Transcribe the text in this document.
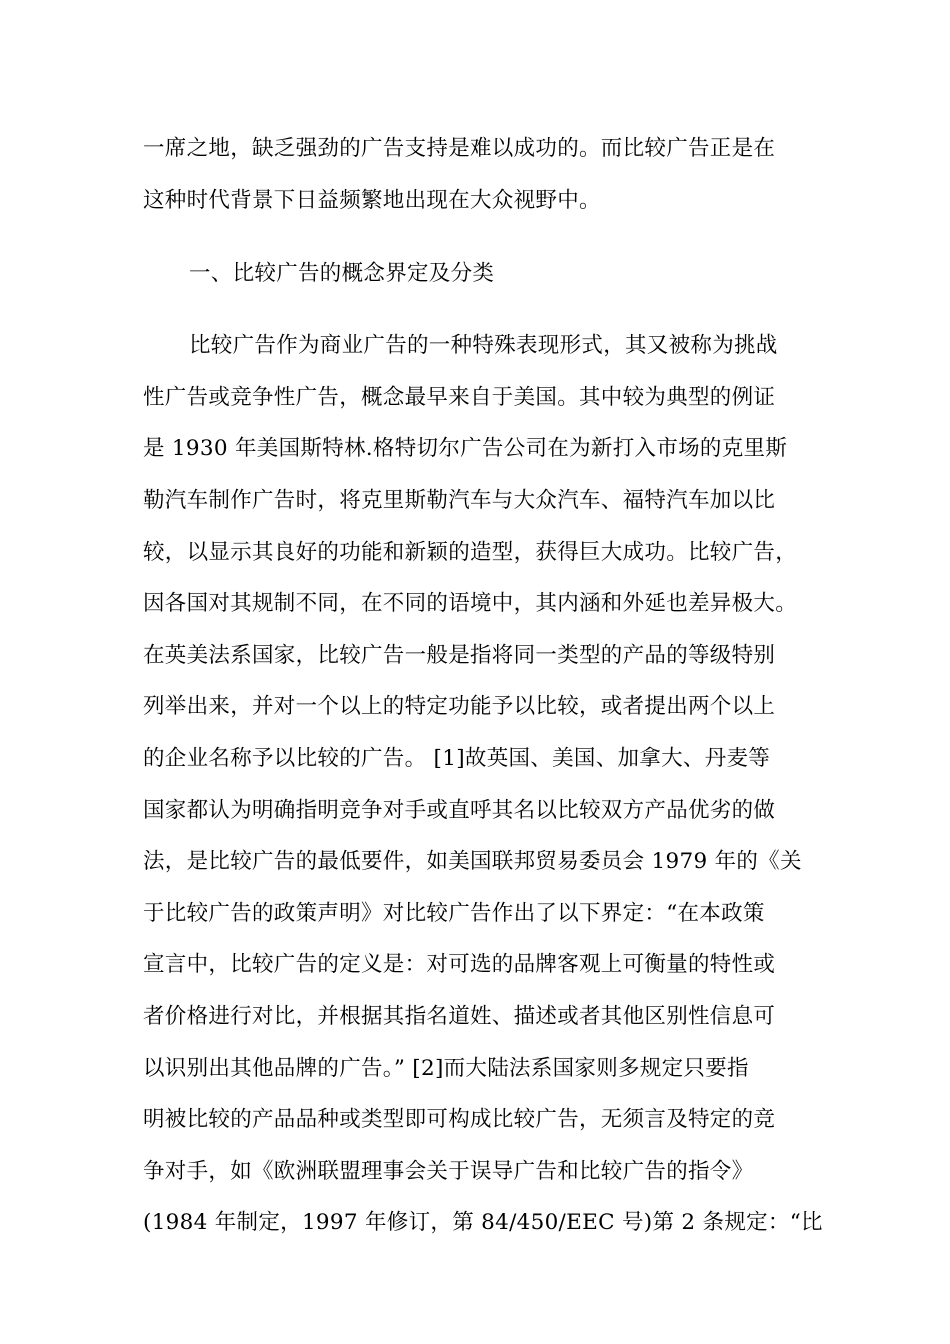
一席之地，缺乏强劲的广告支持是难以成功的。而比较广告正是在
这种时代背景下日益频繁地出现在大众视野中。
一、比较广告的概念界定及分类
比较广告作为商业广告的一种特殊表现形式，其又被称为挑战
性广告或竞争性广告，概念最早来自于美国。其中较为典型的例证
是 1930 年美国斯特林.格特切尔广告公司在为新打入市场的克里斯
勒汽车制作广告时，将克里斯勒汽车与大众汽车、福特汽车加以比
较，以显示其良好的功能和新颖的造型，获得巨大成功。比较广告，
因各国对其规制不同，在不同的语境中，其内涵和外延也差异极大。
在英美法系国家，比较广告一般是指将同一类型的产品的等级特别
列举出来，并对一个以上的特定功能予以比较，或者提出两个以上
的企业名称予以比较的广告。 [1]故英国、美国、加拿大、丹麦等
国家都认为明确指明竞争对手或直呼其名以比较双方产品优劣的做
法，是比较广告的最低要件，如美国联邦贸易委员会 1979 年的《关
于比较广告的政策声明》对比较广告作出了以下界定：“在本政策
宣言中，比较广告的定义是：对可选的品牌客观上可衡量的特性或
者价格进行对比，并根据其指名道姓、描述或者其他区别性信息可
以识别出其他品牌的广告。” [2]而大陆法系国家则多规定只要指
明被比较的产品品种或类型即可构成比较广告，无须言及特定的竞
争对手，如《欧洲联盟理事会关于误导广告和比较广告的指令》
(1984 年制定，1997 年修订，第 84/450/EEC 号)第 2 条规定：“比
